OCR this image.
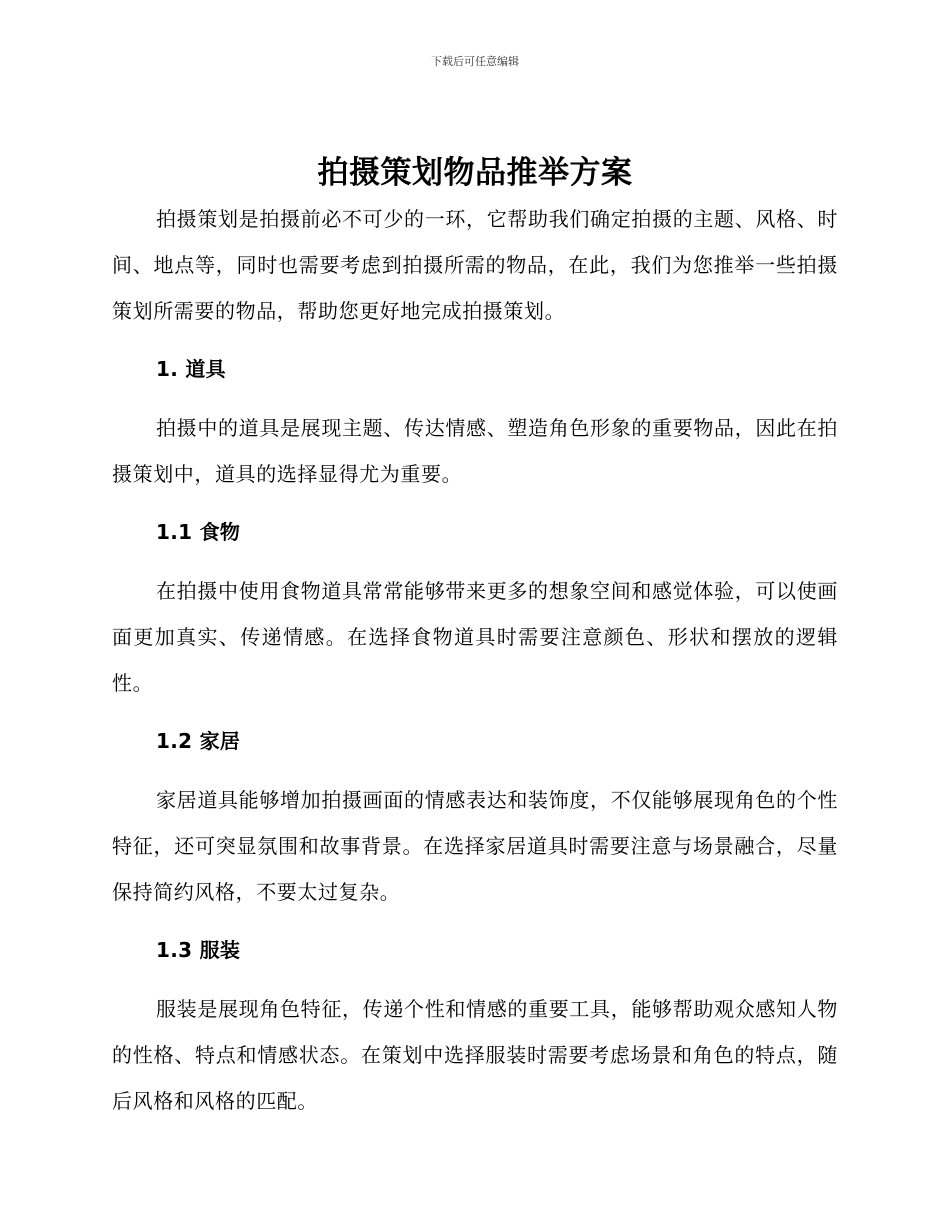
下载后可任意编辑
拍摄策划物品推举方案

拍摄策划是拍摄前必不可少的一环，它帮助我们确定拍摄的主题、风格、时间、地点等，同时也需要考虑到拍摄所需的物品，在此，我们为您推举一些拍摄策划所需要的物品，帮助您更好地完成拍摄策划。

1. 道具

拍摄中的道具是展现主题、传达情感、塑造角色形象的重要物品，因此在拍摄策划中，道具的选择显得尤为重要。

1.1 食物

在拍摄中使用食物道具常常能够带来更多的想象空间和感觉体验，可以使画面更加真实、传递情感。在选择食物道具时需要注意颜色、形状和摆放的逻辑性。

1.2 家居

家居道具能够增加拍摄画面的情感表达和装饰度，不仅能够展现角色的个性特征，还可突显氛围和故事背景。在选择家居道具时需要注意与场景融合，尽量保持简约风格，不要太过复杂。

1.3 服装

服装是展现角色特征，传递个性和情感的重要工具，能够帮助观众感知人物的性格、特点和情感状态。在策划中选择服装时需要考虑场景和角色的特点，随后风格和风格的匹配。
